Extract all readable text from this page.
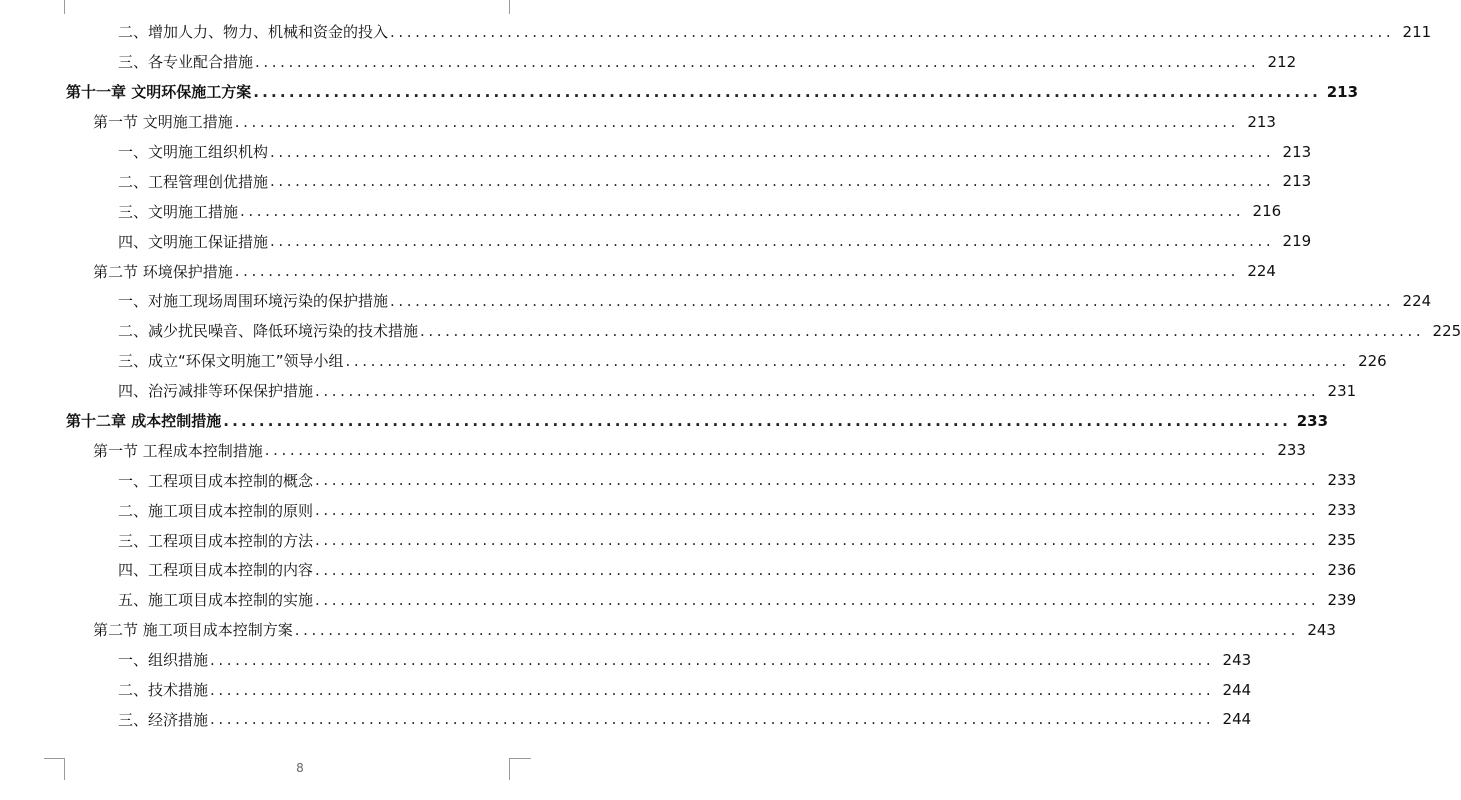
二、增加人力、物力、机械和资金的投入 ........................................................................................................................ 211
三、各专业配合措施 ........................................................................................................................ 212
第十一章 文明环保施工方案 ........................................................................................................................ 213
第一节 文明施工措施 ........................................................................................................................ 213
一、文明施工组织机构 ........................................................................................................................ 213
二、工程管理创优措施 ........................................................................................................................ 213
三、文明施工措施 ........................................................................................................................ 216
四、文明施工保证措施 ........................................................................................................................ 219
第二节 环境保护措施 ........................................................................................................................ 224
一、对施工现场周围环境污染的保护措施 ........................................................................................................................ 224
二、减少扰民噪音、降低环境污染的技术措施 ........................................................................................................................ 225
三、成立“环保文明施工”领导小组 ........................................................................................................................ 226
四、治污减排等环保保护措施 ........................................................................................................................ 231
第十二章 成本控制措施 ........................................................................................................................ 233
第一节 工程成本控制措施 ........................................................................................................................ 233
一、工程项目成本控制的概念 ........................................................................................................................ 233
二、施工项目成本控制的原则 ........................................................................................................................ 233
三、工程项目成本控制的方法 ........................................................................................................................ 235
四、工程项目成本控制的内容 ........................................................................................................................ 236
五、施工项目成本控制的实施 ........................................................................................................................ 239
第二节 施工项目成本控制方案 ........................................................................................................................ 243
一、组织措施 ........................................................................................................................ 243
二、技术措施 ........................................................................................................................ 244
三、经济措施 ........................................................................................................................ 244
8
